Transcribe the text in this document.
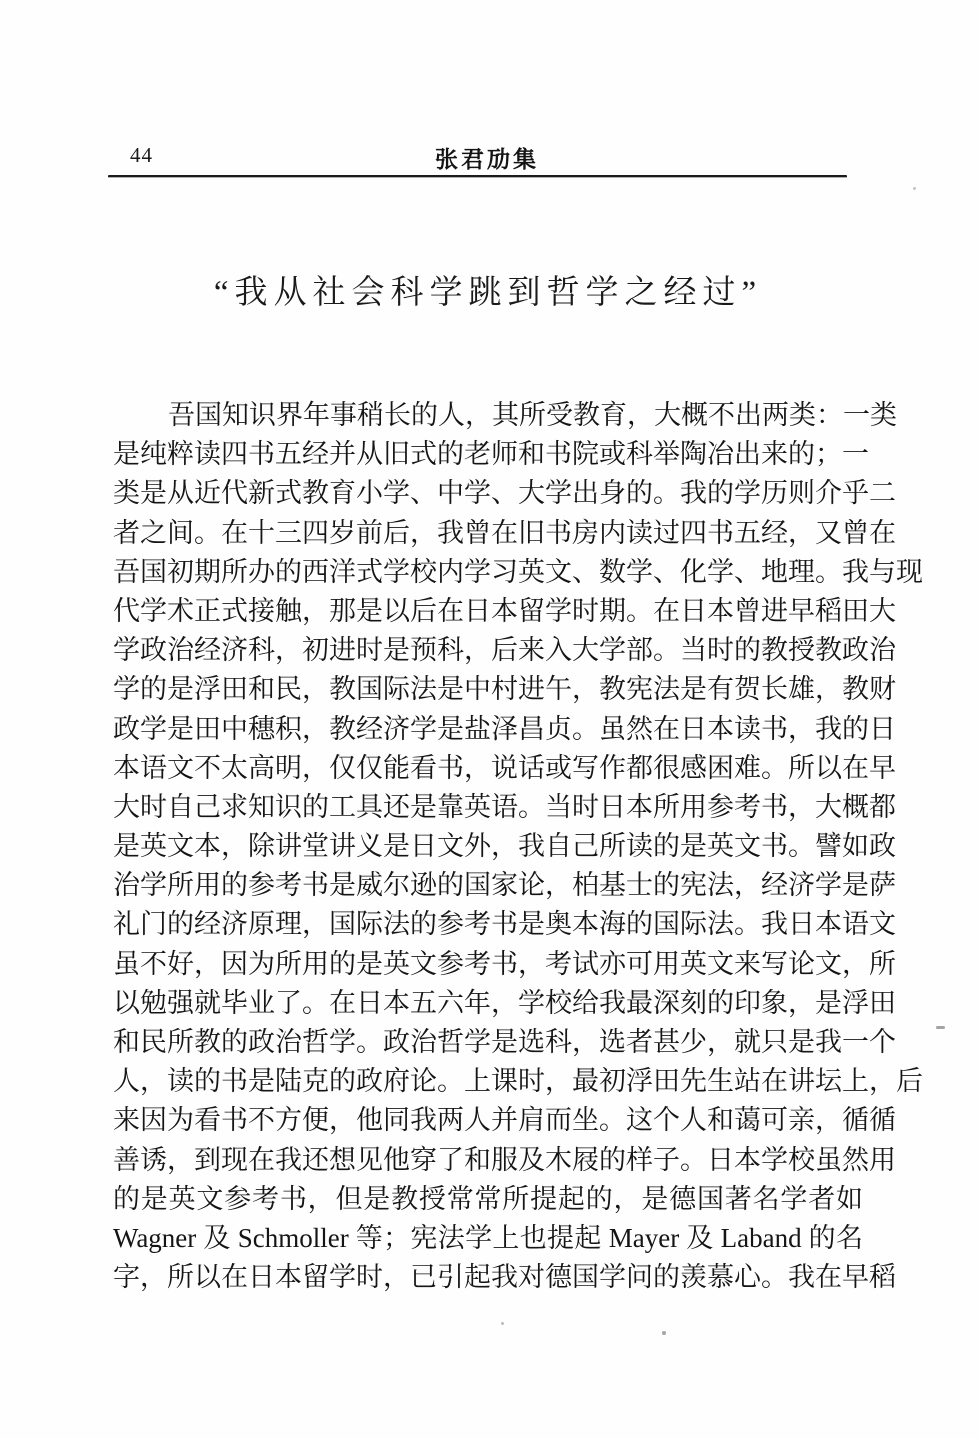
44	张君劢集
“我从社会科学跳到哲学之经过”
吾国知识界年事稍长的人，其所受教育，大概不出两类：一类
是纯粹读四书五经并从旧式的老师和书院或科举陶冶出来的；一
类是从近代新式教育小学、中学、大学出身的。我的学历则介乎二
者之间。在十三四岁前后，我曾在旧书房内读过四书五经，又曾在
吾国初期所办的西洋式学校内学习英文、数学、化学、地理。我与现
代学术正式接触，那是以后在日本留学时期。在日本曾进早稻田大
学政治经济科，初进时是预科，后来入大学部。当时的教授教政治
学的是浮田和民，教国际法是中村进午，教宪法是有贺长雄，教财
政学是田中穗积，教经济学是盐泽昌贞。虽然在日本读书，我的日
本语文不太高明，仅仅能看书，说话或写作都很感困难。所以在早
大时自己求知识的工具还是靠英语。当时日本所用参考书，大概都
是英文本，除讲堂讲义是日文外，我自己所读的是英文书。譬如政
治学所用的参考书是威尔逊的国家论，柏基士的宪法，经济学是萨
礼门的经济原理，国际法的参考书是奥本海的国际法。我日本语文
虽不好，因为所用的是英文参考书，考试亦可用英文来写论文，所
以勉强就毕业了。在日本五六年，学校给我最深刻的印象，是浮田
和民所教的政治哲学。政治哲学是选科，选者甚少，就只是我一个
人，读的书是陆克的政府论。上课时，最初浮田先生站在讲坛上，后
来因为看书不方便，他同我两人并肩而坐。这个人和蔼可亲，循循
善诱，到现在我还想见他穿了和服及木屐的样子。日本学校虽然用
的是英文参考书，但是教授常常所提起的，是德国著名学者如
Wagner 及 Schmoller 等；宪法学上也提起 Mayer 及 Laband 的名
字，所以在日本留学时，已引起我对德国学问的羡慕心。我在早稻
